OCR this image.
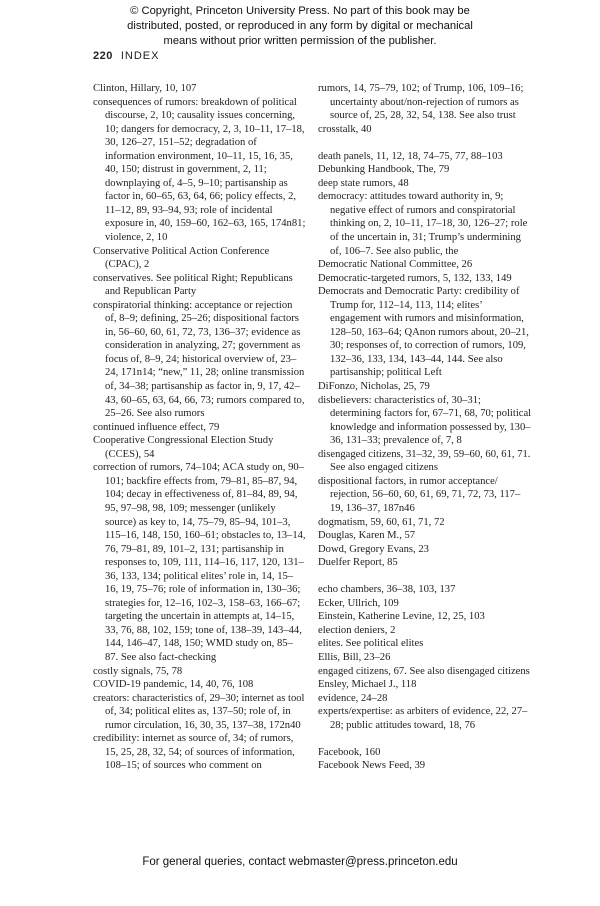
© Copyright, Princeton University Press. No part of this book may be
distributed, posted, or reproduced in any form by digital or mechanical
means without prior written permission of the publisher.
220 INDEX
Clinton, Hillary, 10, 107
consequences of rumors: breakdown of political discourse, 2, 10; causality issues concerning, 10; dangers for democracy, 2, 3, 10–11, 17–18, 30, 126–27, 151–52; degradation of information environment, 10–11, 15, 16, 35, 40, 150; distrust in government, 2, 11; downplaying of, 4–5, 9–10; partisanship as factor in, 60–65, 63, 64, 66; policy effects, 2, 11–12, 89, 93–94, 93; role of incidental exposure in, 40, 159–60, 162–63, 165, 174n81; violence, 2, 10
Conservative Political Action Conference (CPAC), 2
conservatives. See political Right; Republicans and Republican Party
conspiratorial thinking: acceptance or rejection of, 8–9; defining, 25–26; dispositional factors in, 56–60, 60, 61, 72, 73, 136–37; evidence as consideration in analyzing, 27; government as focus of, 8–9, 24; historical overview of, 23–24, 171n14; “new,” 11, 28; online transmission of, 34–38; partisanship as factor in, 9, 17, 42–43, 60–65, 63, 64, 66, 73; rumors compared to, 25–26. See also rumors
continued influence effect, 79
Cooperative Congressional Election Study (CCES), 54
correction of rumors, 74–104; ACA study on, 90–101; backfire effects from, 79–81, 85–87, 94, 104; decay in effectiveness of, 81–84, 89, 94, 95, 97–98, 98, 109; messenger (unlikely source) as key to, 14, 75–79, 85–94, 101–3, 115–16, 148, 150, 160–61; obstacles to, 13–14, 76, 79–81, 89, 101–2, 131; partisanship in responses to, 109, 111, 114–16, 117, 120, 131–36, 133, 134; political elites’ role in, 14, 15–16, 19, 75–76; role of information in, 130–36; strategies for, 12–16, 102–3, 158–63, 166–67; targeting the uncertain in attempts at, 14–15, 33, 76, 88, 102, 159; tone of, 138–39, 143–44, 144, 146–47, 148, 150; WMD study on, 85–87. See also fact-checking
costly signals, 75, 78
COVID-19 pandemic, 14, 40, 76, 108
creators: characteristics of, 29–30; internet as tool of, 34; political elites as, 137–50; role of, in rumor circulation, 16, 30, 35, 137–38, 172n40
credibility: internet as source of, 34; of rumors, 15, 25, 28, 32, 54; of sources of information, 108–15; of sources who comment on
rumors, 14, 75–79, 102; of Trump, 106, 109–16; uncertainty about/non-rejection of rumors as source of, 25, 28, 32, 54, 138. See also trust
crosstalk, 40
death panels, 11, 12, 18, 74–75, 77, 88–103
Debunking Handbook, The, 79
deep state rumors, 48
democracy: attitudes toward authority in, 9; negative effect of rumors and conspiratorial thinking on, 2, 10–11, 17–18, 30, 126–27; role of the uncertain in, 31; Trump’s undermining of, 106–7. See also public, the
Democratic National Committee, 26
Democratic-targeted rumors, 5, 132, 133, 149
Democrats and Democratic Party: credibility of Trump for, 112–14, 113, 114; elites’ engagement with rumors and misinformation, 128–50, 163–64; QAnon rumors about, 20–21, 30; responses of, to correction of rumors, 109, 132–36, 133, 134, 143–44, 144. See also partisanship; political Left
DiFonzo, Nicholas, 25, 79
disbelievers: characteristics of, 30–31; determining factors for, 67–71, 68, 70; political knowledge and information possessed by, 130–36, 131–33; prevalence of, 7, 8
disengaged citizens, 31–32, 39, 59–60, 60, 61, 71. See also engaged citizens
dispositional factors, in rumor acceptance/ rejection, 56–60, 60, 61, 69, 71, 72, 73, 117–19, 136–37, 187n46
dogmatism, 59, 60, 61, 71, 72
Douglas, Karen M., 57
Dowd, Gregory Evans, 23
Duelfer Report, 85
echo chambers, 36–38, 103, 137
Ecker, Ullrich, 109
Einstein, Katherine Levine, 12, 25, 103
election deniers, 2
elites. See political elites
Ellis, Bill, 23–26
engaged citizens, 67. See also disengaged citizens
Ensley, Michael J., 118
evidence, 24–28
experts/expertise: as arbiters of evidence, 22, 27–28; public attitudes toward, 18, 76
Facebook, 160
Facebook News Feed, 39
For general queries, contact webmaster@press.princeton.edu
